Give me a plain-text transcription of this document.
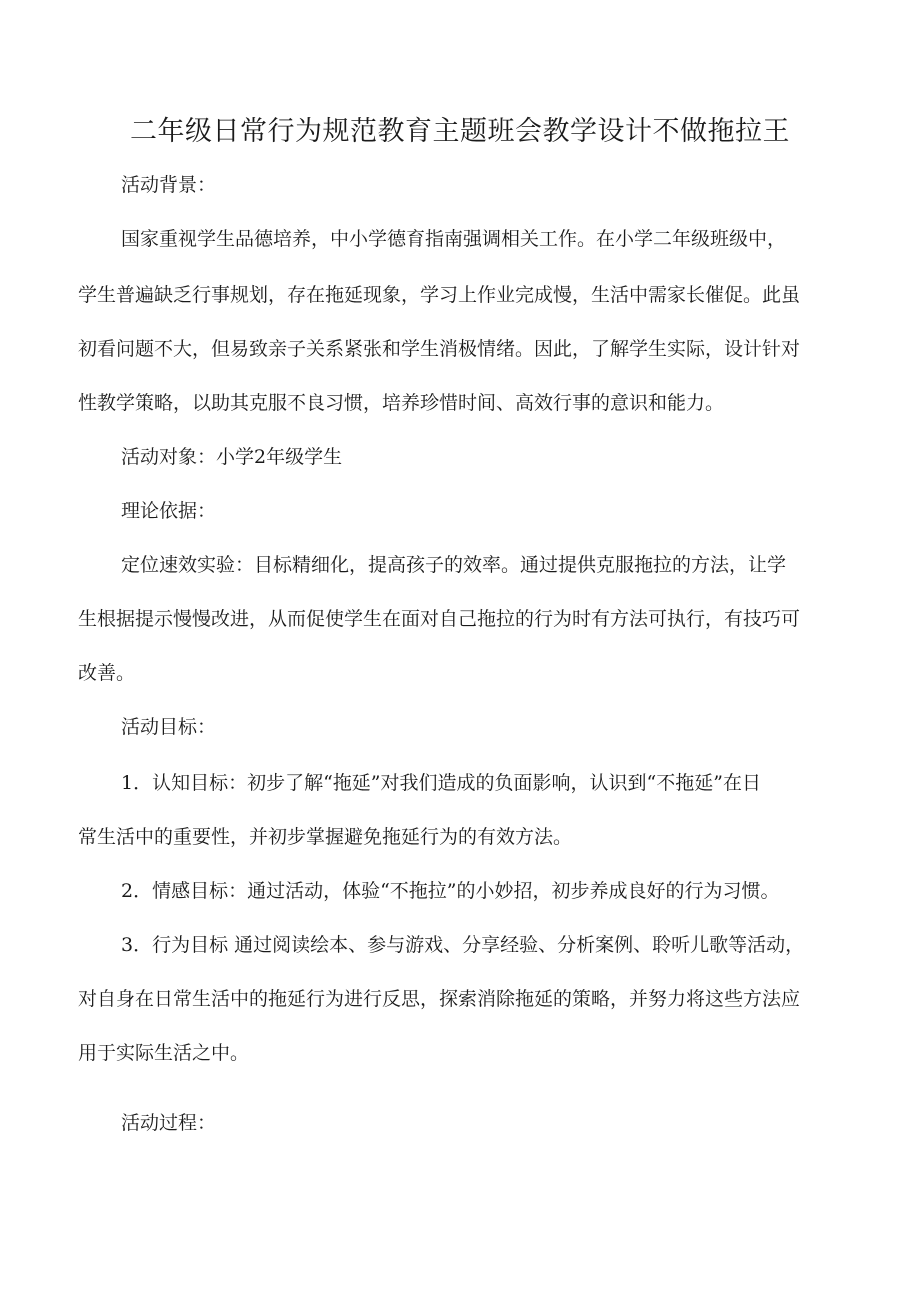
二年级日常行为规范教育主题班会教学设计不做拖拉王
活动背景：
国家重视学生品德培养，中小学德育指南强调相关工作。在小学二年级班级中，
学生普遍缺乏行事规划，存在拖延现象，学习上作业完成慢，生活中需家长催促。此虽
初看问题不大，但易致亲子关系紧张和学生消极情绪。因此，了解学生实际，设计针对
性教学策略，以助其克服不良习惯，培养珍惜时间、高效行事的意识和能力。
活动对象：小学2年级学生
理论依据：
定位速效实验：目标精细化，提高孩子的效率。通过提供克服拖拉的方法，让学
生根据提示慢慢改进，从而促使学生在面对自己拖拉的行为时有方法可执行，有技巧可
改善。
活动目标：
1．认知目标：初步了解“拖延”对我们造成的负面影响，认识到“不拖延”在日
常生活中的重要性，并初步掌握避免拖延行为的有效方法。
2．情感目标：通过活动，体验“不拖拉”的小妙招，初步养成良好的行为习惯。
3．行为目标 通过阅读绘本、参与游戏、分享经验、分析案例、聆听儿歌等活动，
对自身在日常生活中的拖延行为进行反思，探索消除拖延的策略，并努力将这些方法应
用于实际生活之中。
活动过程：
